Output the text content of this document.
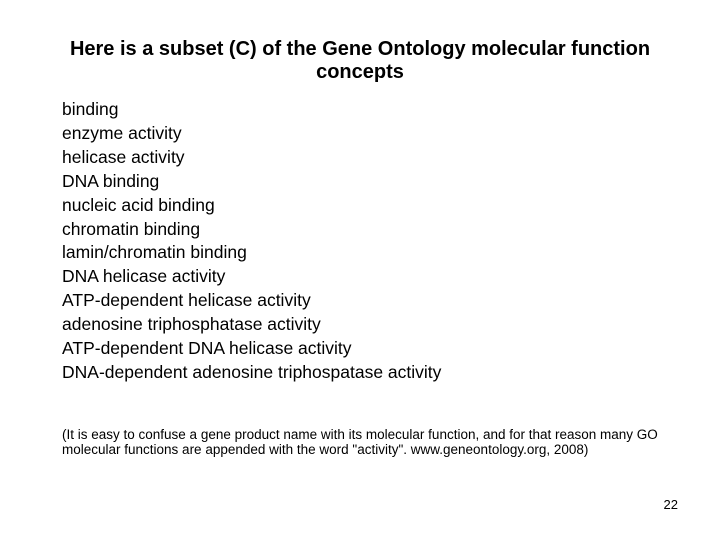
Here is a subset (C) of the Gene Ontology molecular function concepts
binding
enzyme activity
helicase activity
DNA binding
nucleic acid binding
chromatin binding
lamin/chromatin binding
DNA helicase activity
ATP-dependent helicase activity
adenosine triphosphatase activity
ATP-dependent DNA helicase activity
DNA-dependent adenosine triphospatase activity
(It is easy to confuse a gene product name with its molecular function, and for that reason many GO molecular functions are appended with the word "activity". www.geneontology.org, 2008)
22
